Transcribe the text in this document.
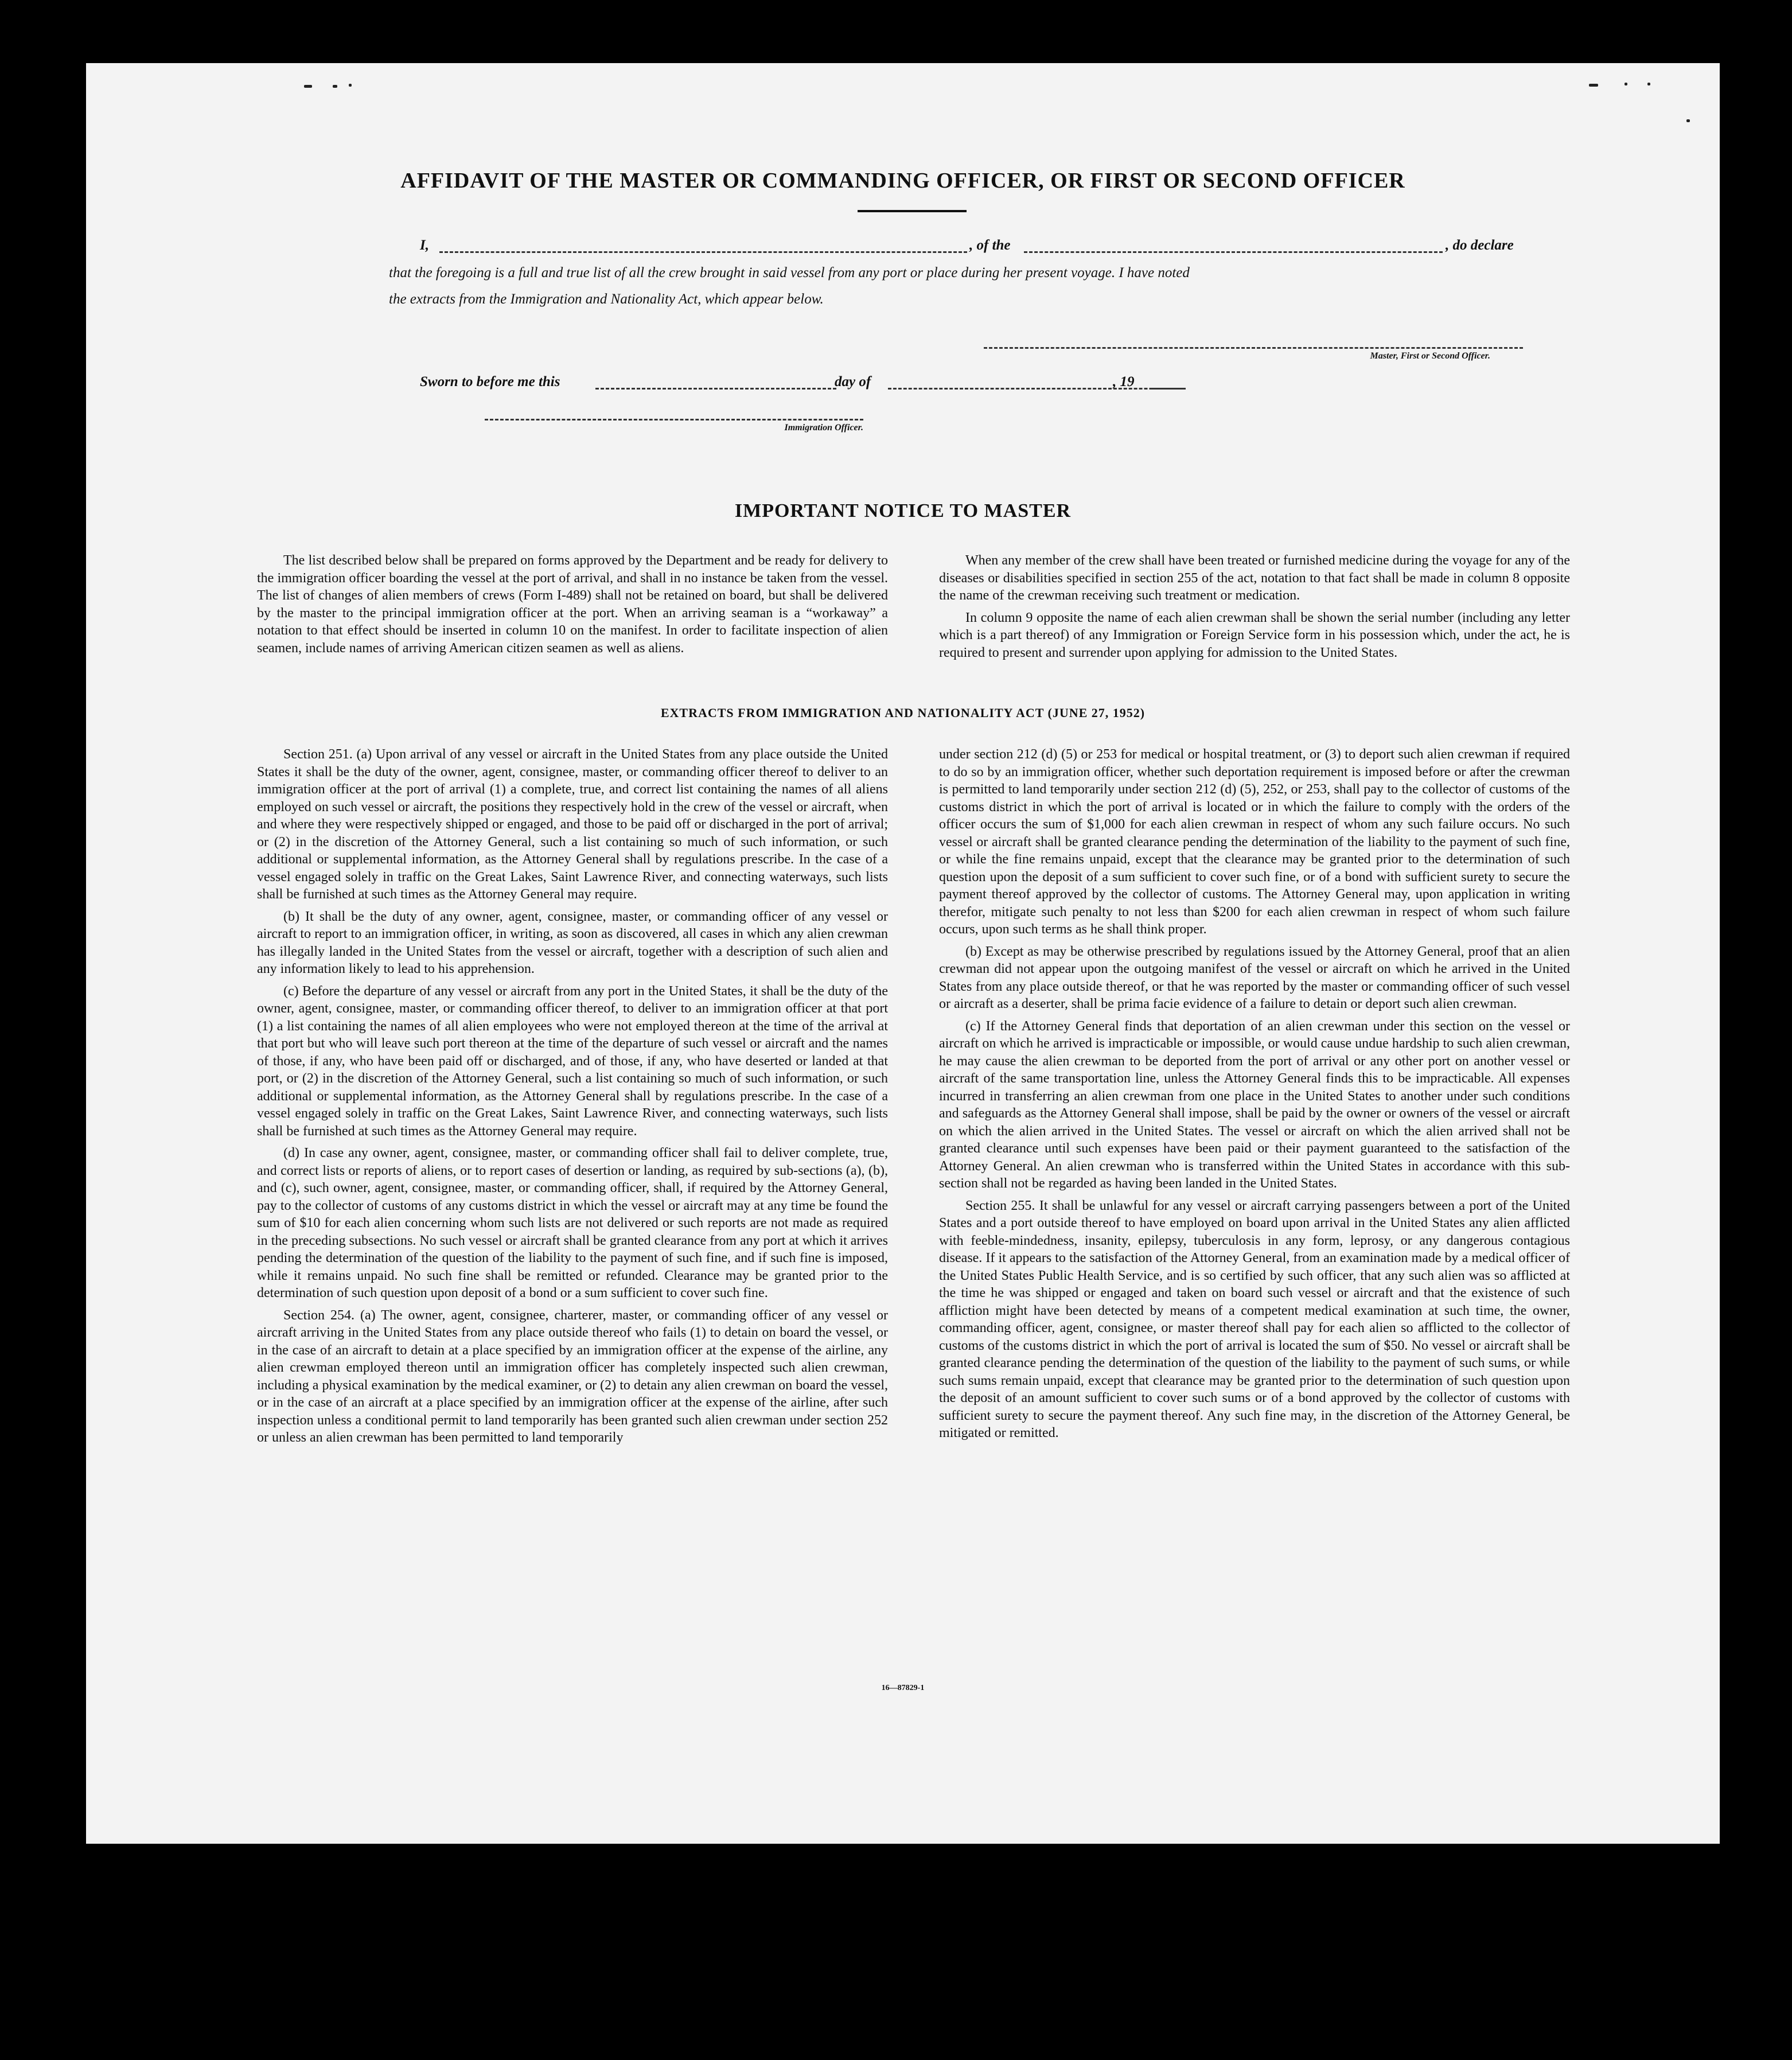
AFFIDAVIT OF THE MASTER OR COMMANDING OFFICER, OR FIRST OR SECOND OFFICER
I,	, of the	, do declare
that the foregoing is a full and true list of all the crew brought in said vessel from any port or place during her present voyage. I have noted
the extracts from the Immigration and Nationality Act, which appear below.
Master, First or Second Officer.
Sworn to before me this	day of	, 19
Immigration Officer.
IMPORTANT NOTICE TO MASTER

The list described below shall be prepared on forms approved by the Department and be ready for delivery to the immigration officer boarding the vessel at the port of arrival, and shall in no instance be taken from the vessel. The list of changes of alien members of crews (Form I-489) shall not be retained on board, but shall be delivered by the master to the principal immigration officer at the port. When an arriving seaman is a “workaway” a notation to that effect should be inserted in column 10 on the manifest. In order to facilitate inspection of alien seamen, include names of arriving American citizen seamen as well as aliens.

When any member of the crew shall have been treated or furnished medicine during the voyage for any of the diseases or disabilities specified in section 255 of the act, notation to that fact shall be made in column 8 opposite the name of the crewman receiving such treatment or medication.

In column 9 opposite the name of each alien crewman shall be shown the serial number (including any letter which is a part thereof) of any Immigration or Foreign Service form in his possession which, under the act, he is required to present and surrender upon applying for admission to the United States.

EXTRACTS FROM IMMIGRATION AND NATIONALITY ACT (JUNE 27, 1952)

Section 251. (a) Upon arrival of any vessel or aircraft in the United States from any place outside the United States it shall be the duty of the owner, agent, consignee, master, or commanding officer thereof to deliver to an immigration officer at the port of arrival (1) a complete, true, and correct list containing the names of all aliens employed on such vessel or aircraft, the positions they respectively hold in the crew of the vessel or aircraft, when and where they were respectively shipped or engaged, and those to be paid off or discharged in the port of arrival; or (2) in the discretion of the Attorney General, such a list containing so much of such information, or such additional or supplemental information, as the Attorney General shall by regulations prescribe. In the case of a vessel engaged solely in traffic on the Great Lakes, Saint Lawrence River, and connecting waterways, such lists shall be furnished at such times as the Attorney General may require.

(b) It shall be the duty of any owner, agent, consignee, master, or commanding officer of any vessel or aircraft to report to an immigration officer, in writing, as soon as discovered, all cases in which any alien crewman has illegally landed in the United States from the vessel or aircraft, together with a description of such alien and any information likely to lead to his apprehension.

(c) Before the departure of any vessel or aircraft from any port in the United States, it shall be the duty of the owner, agent, consignee, master, or commanding officer thereof, to deliver to an immigration officer at that port (1) a list containing the names of all alien employees who were not employed thereon at the time of the arrival at that port but who will leave such port thereon at the time of the departure of such vessel or aircraft and the names of those, if any, who have been paid off or discharged, and of those, if any, who have deserted or landed at that port, or (2) in the discretion of the Attorney General, such a list containing so much of such information, or such additional or supplemental information, as the Attorney General shall by regulations prescribe. In the case of a vessel engaged solely in traffic on the Great Lakes, Saint Lawrence River, and connecting waterways, such lists shall be furnished at such times as the Attorney General may require.

(d) In case any owner, agent, consignee, master, or commanding officer shall fail to deliver complete, true, and correct lists or reports of aliens, or to report cases of desertion or landing, as required by sub-sections (a), (b), and (c), such owner, agent, consignee, master, or commanding officer, shall, if required by the Attorney General, pay to the collector of customs of any customs district in which the vessel or aircraft may at any time be found the sum of $10 for each alien concerning whom such lists are not delivered or such reports are not made as required in the preceding subsections. No such vessel or aircraft shall be granted clearance from any port at which it arrives pending the determination of the question of the liability to the payment of such fine, and if such fine is imposed, while it remains unpaid. No such fine shall be remitted or refunded. Clearance may be granted prior to the determination of such question upon deposit of a bond or a sum sufficient to cover such fine.

Section 254. (a) The owner, agent, consignee, charterer, master, or commanding officer of any vessel or aircraft arriving in the United States from any place outside thereof who fails (1) to detain on board the vessel, or in the case of an aircraft to detain at a place specified by an immigration officer at the expense of the airline, any alien crewman employed thereon until an immigration officer has completely inspected such alien crewman, including a physical examination by the medical examiner, or (2) to detain any alien crewman on board the vessel, or in the case of an aircraft at a place specified by an immigration officer at the expense of the airline, after such inspection unless a conditional permit to land temporarily has been granted such alien crewman under section 252 or unless an alien crewman has been permitted to land temporarily

under section 212 (d) (5) or 253 for medical or hospital treatment, or (3) to deport such alien crewman if required to do so by an immigration officer, whether such deportation requirement is imposed before or after the crewman is permitted to land temporarily under section 212 (d) (5), 252, or 253, shall pay to the collector of customs of the customs district in which the port of arrival is located or in which the failure to comply with the orders of the officer occurs the sum of $1,000 for each alien crewman in respect of whom any such failure occurs. No such vessel or aircraft shall be granted clearance pending the determination of the liability to the payment of such fine, or while the fine remains unpaid, except that the clearance may be granted prior to the determination of such question upon the deposit of a sum sufficient to cover such fine, or of a bond with sufficient surety to secure the payment thereof approved by the collector of customs. The Attorney General may, upon application in writing therefor, mitigate such penalty to not less than $200 for each alien crewman in respect of whom such failure occurs, upon such terms as he shall think proper.

(b) Except as may be otherwise prescribed by regulations issued by the Attorney General, proof that an alien crewman did not appear upon the outgoing manifest of the vessel or aircraft on which he arrived in the United States from any place outside thereof, or that he was reported by the master or commanding officer of such vessel or aircraft as a deserter, shall be prima facie evidence of a failure to detain or deport such alien crewman.

(c) If the Attorney General finds that deportation of an alien crewman under this section on the vessel or aircraft on which he arrived is impracticable or impossible, or would cause undue hardship to such alien crewman, he may cause the alien crewman to be deported from the port of arrival or any other port on another vessel or aircraft of the same transportation line, unless the Attorney General finds this to be impracticable. All expenses incurred in transferring an alien crewman from one place in the United States to another under such conditions and safeguards as the Attorney General shall impose, shall be paid by the owner or owners of the vessel or aircraft on which the alien arrived in the United States. The vessel or aircraft on which the alien arrived shall not be granted clearance until such expenses have been paid or their payment guaranteed to the satisfaction of the Attorney General. An alien crewman who is transferred within the United States in accordance with this sub-section shall not be regarded as having been landed in the United States.

Section 255. It shall be unlawful for any vessel or aircraft carrying passengers between a port of the United States and a port outside thereof to have employed on board upon arrival in the United States any alien afflicted with feeble-mindedness, insanity, epilepsy, tuberculosis in any form, leprosy, or any dangerous contagious disease. If it appears to the satisfaction of the Attorney General, from an examination made by a medical officer of the United States Public Health Service, and is so certified by such officer, that any such alien was so afflicted at the time he was shipped or engaged and taken on board such vessel or aircraft and that the existence of such affliction might have been detected by means of a competent medical examination at such time, the owner, commanding officer, agent, consignee, or master thereof shall pay for each alien so afflicted to the collector of customs of the customs district in which the port of arrival is located the sum of $50. No vessel or aircraft shall be granted clearance pending the determination of the question of the liability to the payment of such sums, or while such sums remain unpaid, except that clearance may be granted prior to the determination of such question upon the deposit of an amount sufficient to cover such sums or of a bond approved by the collector of customs with sufficient surety to secure the payment thereof. Any such fine may, in the discretion of the Attorney General, be mitigated or remitted.

16—87829-1
